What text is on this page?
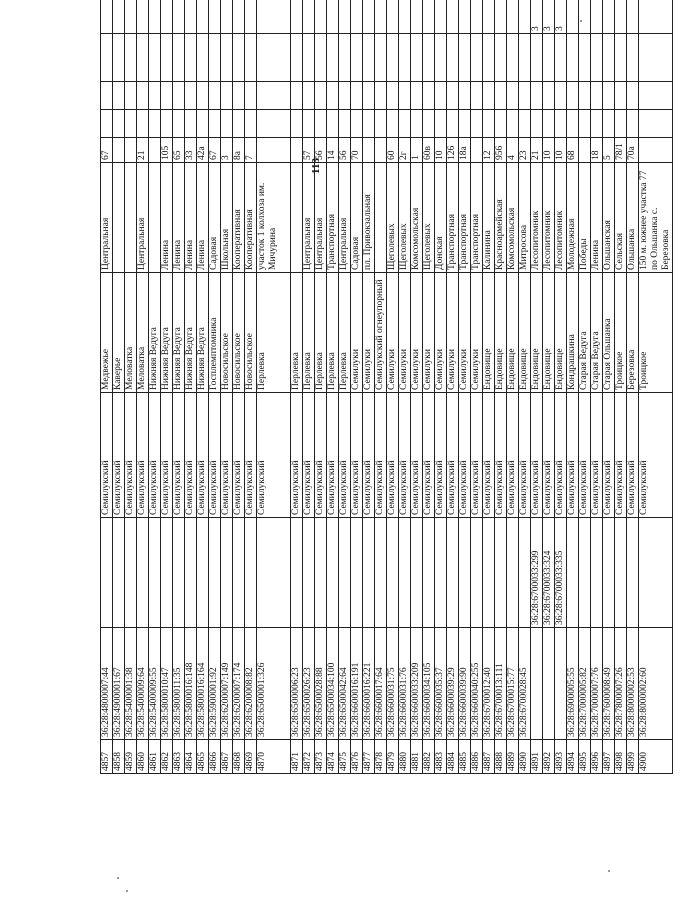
113
4857	36:28:4800007:44		Семилукский	Медвежье	Центральная	67				
4858	36:28:4900001:67		Семилукский	Каверье						
4859	36:28:5400001:38		Семилукский	Меловатка						
4860	36:28:5400009:64		Семилукский	Меловатка	Центральная	21				
4861	36:28:5400009:55		Семилукский	Нижняя Ведуга						
4862	36:28:5800010:47		Семилукский	Нижняя Ведуга	Ленина	105				
4863	36:28:5800011:35		Семилукский	Нижняя Ведуга	Ленина	65				
4864	36:28:5800016:148		Семилукский	Нижняя Ведуга	Ленина	33				
4865	36:28:5800016:164		Семилукский	Нижняя Ведуга	Ленина	42а				
4866	36:28:5900001:92		Семилукский	Госплемптомника	Садовая	67				
4867	36:28:6200007:149		Семилукский	Новосильское	Школьная	3				
4868	36:28:6200007:174		Семилукский	Новосильское	Кооперативная	8а				
4869	36:28:6200008:82		Семилукский	Новосильское	Кооперативная	7				
4870	36:28:6500001:326		Семилукский	Перлевка	участок 1 колхоза им. Мичурина					
4871	36:28:6500006:23		Семилукский	Перлевка						
4872	36:28:6500026:23		Семилукский	Перлевка	Центральная	57				
4873	36:28:6500028:88		Семилукский	Перлевка	Центральная	56				
4874	36:28:6500034:100		Семилукский	Перлевка	Транспортная	14				
4875	36:28:6500042:64		Семилукский	Перлевка	Центральная	56				
4876	36:28:6600016:191		Семилукский	Семилуки	Садовая	70				
4877	36:28:6600016:221		Семилукский	Семилуки	пл. Привокзальная					
4878	36:28:6600017:64		Семилукский	Семилукский огнеупорный						
4879	36:28:6600031:75		Семилукский	Семилуки	Щеголевых	60				
4880	36:28:6600031:76		Семилукский	Семилуки	Щеголевых	2г				
4881	36:28:6600033:209		Семилукский	Семилуки	Комсомольская	1				
4882	36:28:6600034:105		Семилукский	Семилуки	Щеголевых	60в				
4883	36:28:6600035:37		Семилукский	Семилуки	Донская	10				
4884	36:28:6600039:29		Семилукский	Семилуки	Транспортная	126				
4885	36:28:6600039:90		Семилукский	Семилуки	Транспортная	18а				
4886	36:28:6600040:255		Семилукский	Семилуки	Транспортная					
4887	36:28:6700012:40		Семилукский	Ендовище	Калинина	12				
4888	36:28:6700013:111		Семилукский	Ендовище	Красноармейская	956				
4889	36:28:6700015:77		Семилукский	Ендовище	Комсомольская	4				
4890	36:28:6700028:45		Семилукский	Ендовище	Митросова	23				
4891		36:28:6700033:299	Семилукский	Ендовище	Лесопитомник	21				3
4892		36:28:6700033:324	Семилукский	Ендовище	Лесопитомник	10				3
4893		36:28:6700033:335	Семилукский	Ендовище	Лесопитомник	10				3
4894	36:28:6900005:55		Семилукский	Кондрашкина	Молодежная	68				
4895	36:28:7000005:82		Семилукский	Старая Ведуга	Победы					
4896	36:28:7000007:76		Семилукский	Старая Ведуга	Ленина	18				
4897	36:28:7600008:49		Семилукский	Старая Ольшанка	Ольшанская	5				
4898	36:28:7800007:26		Семилукский	Троицкое	Сельская	78/1				
4899	36:28:8000002:53		Семилукский	Березовка	Ольшанка	70а				
4900	36:28:8000002:60		Семилукский	Троицкое	150 м. южнее участка 77 по Ольшанка с. Березовка					
